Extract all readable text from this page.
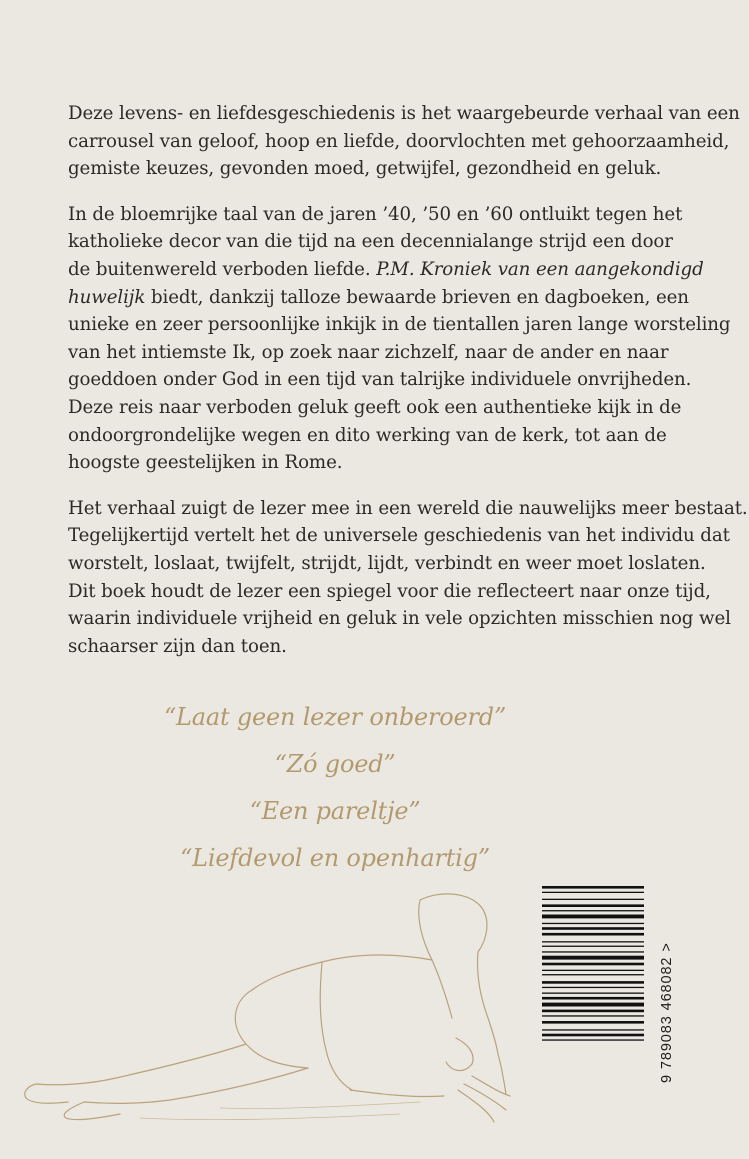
Deze levens- en liefdesgeschiedenis is het waargebeurde verhaal van een
carrousel van geloof, hoop en liefde, doorvlochten met gehoorzaamheid,
gemiste keuzes, gevonden moed, getwijfel, gezondheid en geluk.

In de bloemrijke taal van de jaren ’40, ’50 en ’60 ontluikt tegen het
katholieke decor van die tijd na een decennialange strijd een door
de buitenwereld verboden liefde. P.M. Kroniek van een aangekondigd
huwelijk biedt, dankzij talloze bewaarde brieven en dagboeken, een
unieke en zeer persoonlijke inkijk in de tientallen jaren lange worsteling
van het intiemste Ik, op zoek naar zichzelf, naar de ander en naar
goeddoen onder God in een tijd van talrijke individuele onvrijheden.
Deze reis naar verboden geluk geeft ook een authentieke kijk in de
ondoorgrondelijke wegen en dito werking van de kerk, tot aan de
hoogste geestelijken in Rome.

Het verhaal zuigt de lezer mee in een wereld die nauwelijks meer bestaat.
Tegelijkertijd vertelt het de universele geschiedenis van het individu dat
worstelt, loslaat, twijfelt, strijdt, lijdt, verbindt en weer moet loslaten.
Dit boek houdt de lezer een spiegel voor die reflecteert naar onze tijd,
waarin individuele vrijheid en geluk in vele opzichten misschien nog wel
schaarser zijn dan toen.

“Laat geen lezer onberoerd”
“Zó goed”
“Een pareltje”
“Liefdevol en openhartig”
9 789083 468082 >
